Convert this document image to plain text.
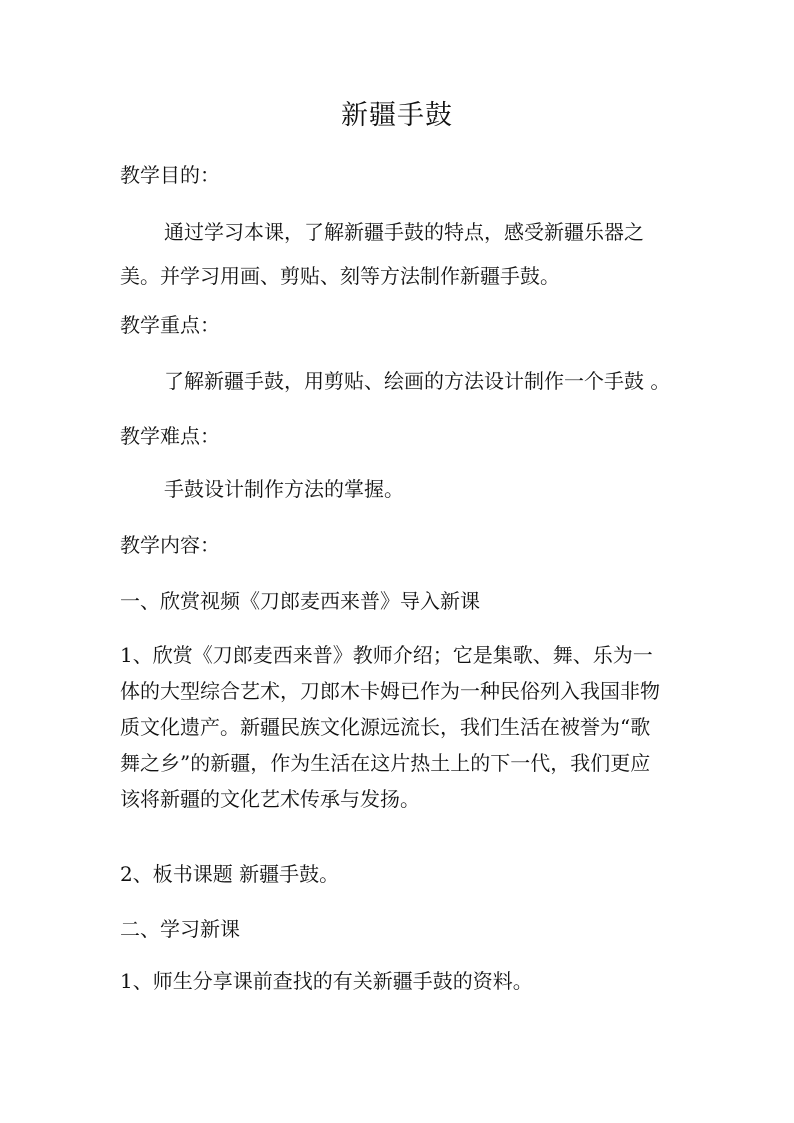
新疆手鼓
教学目的：

通过学习本课，了解新疆手鼓的特点，感受新疆乐器之美。并学习用画、剪贴、刻等方法制作新疆手鼓。

教学重点：

了解新疆手鼓，用剪贴、绘画的方法设计制作一个手鼓 。

教学难点：

手鼓设计制作方法的掌握。

教学内容：
一、欣赏视频《刀郎麦西来普》导入新课

1、欣赏《刀郎麦西来普》教师介绍；它是集歌、舞、乐为一体的大型综合艺术，刀郎木卡姆已作为一种民俗列入我国非物质文化遗产。新疆民族文化源远流长，我们生活在被誉为“歌舞之乡”的新疆，作为生活在这片热土上的下一代，我们更应该将新疆的文化艺术传承与发扬。

2、板书课题 新疆手鼓。
二、学习新课
1、师生分享课前查找的有关新疆手鼓的资料。
